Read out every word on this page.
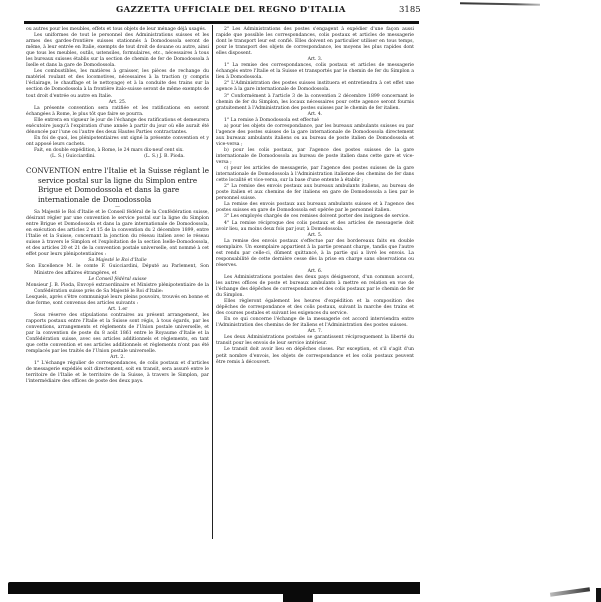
GAZZETTA UFFICIALE DEL REGNO D'ITALIA	3185

ou autres pour les meubles, effets et tous objets de leur ménage déjà usagés.

Les uniformes de tout le personnel des Administrations suisses et les armes des gardes-frontière suisses stationnés à Domodossola seront de même, à leur entrée en Italie, exempts de tout droit de douane ou autre, ainsi que tous les meubles, outils, ustensiles, formulaires, etc., nécessaires à tous les bureaux suisses établis sur la section de chemin de fer de Domodossola à Iselle et dans la gare de Domodossola.

Les combustibles, les matières à graisser, les pièces de rechange du matériel roulant et des locomotives, nécessaires à la traction (y compris l'éclairage, le chauffage et le nettoyage) et à la conduite des trains sur la section de Domodossola à la frontière italo-suisse seront de même exempts de tout droit d'entrée ou autre en Italie.

Art. 25.

La présente convention sera ratifiée et les ratifications en seront échangées à Rome, le plus tôt que faire se pourra.

Elle entrera en vigueur le jour de l'échange des ratifications et demeurera exécutoire jusqu'à l'expiration d'une année à partir du jour où elle aurait été dénoncée par l'une ou l'autre des deux Hautes Parties contractantes.

En foi de quoi, les plénipotentiaires ont signé la présente convention et y ont apposé leurs cachets.

Fait, en double expédition, à Rome, le 24 mars dix-neuf cent six.

(L. S.) Guicciardini.	(L. S.) J. B. Pioda.

CONVENTION entre l'Italie et la Suisse réglant le service postal sur la ligne du Simplon entre Brigue et Domodossola et dans la gare internationale de Domodossola

—

Sa Majesté le Roi d'Italie et le Conseil fédéral de la Confédération suisse, désirant régler par une convention le service postal sur la ligne du Simplon entre Brigue et Domodossola et dans la gare internationale de Domodossola, en exécution des articles 2 et 15 de la convention du 2 décembre 1899, entre l'Italie et la Suisse, concernant la jonction du réseau italien avec le réseau suisse à travers le Simplon et l'exploitation de la section Iselle-Domodossola, et des articles 20 et 21 de la convention postale universelle, ont nommé à cet effet pour leurs plénipotentiaires :

Sa Majesté le Roi d'Italie

Son Excellence M. le comte F. Guicciardini, Député au Parlement, Son Ministre des affaires étrangères, et

Le Conseil fédéral suisse

Monsieur J. B. Pioda, Envoyé extraordinaire et Ministre plénipotentiaire de la Confédération suisse près de Sa Majesté le Roi d'Italie:

Lesquels, après s'être communiqué leurs pleins pouvoirs, trouvés en bonne et due forme, sont convenus des articles suivants :

Art. 1.er

Sous réserve des stipulations contraires au présent arrangement, les rapports postaux entre l'Italie et la Suisse sont régis, à tous égards, par les conventions, arrangements et règlements de l'Union postale universelle, et par la convention de poste du 8 août 1861 entre le Royaume d'Italie et la Confédération suisse, avec ses articles additionnels et règlements, en tant que cette convention et ses articles additionnels et règlements n'ont pas été remplacés par les traités de l'Union postale universelle.

Art. 2.

1° L'échange régulier de correspondances, de colis postaux et d'articles de messagerie expédiés soit directement, soit en transit, sera assuré entre le territoire de l'Italie et le territoire de la Suisse, à travers le Simplon, par l'intermédiaire des offices de poste des deux pays.

2° Les Administrations des postes s'engagent à expédier d'une façon aussi rapide que possible les correspondances, colis postaux et articles de messagerie dont le transport leur est confié. Elles doivent en particulier utiliser en tous temps, pour le transport des objets de correspondance, les moyens les plus rapides dont elles disposent.

Art. 3.

1° La remise des correspondances, colis postaux et articles de messagerie échangés entre l'Italie et la Suisse et transportés par le chemin de fer du Simplon a lieu à Domodossola.

2° L'Administration des postes suisses instituera et entretiendra à cet effet une agence à la gare internationale de Domodossola.

3° Conformément à l'article 3 de la convention 2 décembre 1899 concernant le chemin de fer du Simplon, les locaux nécessaires pour cette agence seront fournis gratuitement à l'Administration des postes suisses par le chemin de fer italien.

Art. 4.

1° La remise à Domodossola est effectué

a) pour les objets de correspondance, par les bureaux ambulants suisses ou par l'agence des postes suisses de la gare internationale de Domodossola directement aux bureaux ambulants italiens ou au bureau de poste italien de Domodossola et vice-versa ;

b) pour les colis postaux, par l'agence des postes suisses de la gare internationale de Domodossola au bureau de poste italien dans cette gare et vice-versa ;

c) pour les articles de messagerie, par l'agence des postes suisses de la gare internationale de Domodossola à l'Administration italienne des chemins de fer dans cette localité et vice-versa, sur la base d'une entente à établir ;

2° La remise des envois postaux aux bureaux ambulants italiens, au bureau de poste italien et aux chemins de fer italiens en gare de Domodossola a lieu par le personnel suisse.

La remise des envois postaux aux bureaux ambulants suisses et à l'agence des postes suisses en gare de Domodossola est opérée par le personnel italien.

3° Les employés chargés de ces remises doivent porter des insignes de service.

4° La remise réciproque des colis postaux et des articles de messagerie doit avoir lieu, au moins deux fois par jour, à Domodossola.

Art. 5.

La remise des envois postaux s'effectue par des bordereaux faits en double exemplaire. Un exemplaire appartient à la partie prenant charge, tandis que l'autre est rendu par celle-ci, dûment quittancé, à la partie qui a livré les envois. La responsabilité de cette dernière cesse dès la prise en charge sans observations ou réserves.

Art. 6.

Les Administrations postales des deux pays désigneront, d'un commun accord, les autres offices de poste et bureaux ambulants à mettre en relation en vue de l'échange des dépêches de correspondance et des colis postaux par le chemin de fer du Simplon.

Elles règleront également les heures d'expédition et la composition des dépêches de correspondance et des colis postaux, suivant la marche des trains et des courses postales et suivant les exigences du service.

En ce qui concerne l'échange de la messagerie cet accord interviendra entre l'Administration des chemins de fer italiens et l'Administration des postes suisses.

Art. 7.

Les deux Administrations postales se garantissent réciproquement la liberté du transit pour les envois de leur service intérieur.

Le transit doit avoir lieu en dépêches closes. Par exception, et s'il s'agit d'un petit nombre d'envois, les objets de correspondance et les colis postaux peuvent être remis à découvert.
